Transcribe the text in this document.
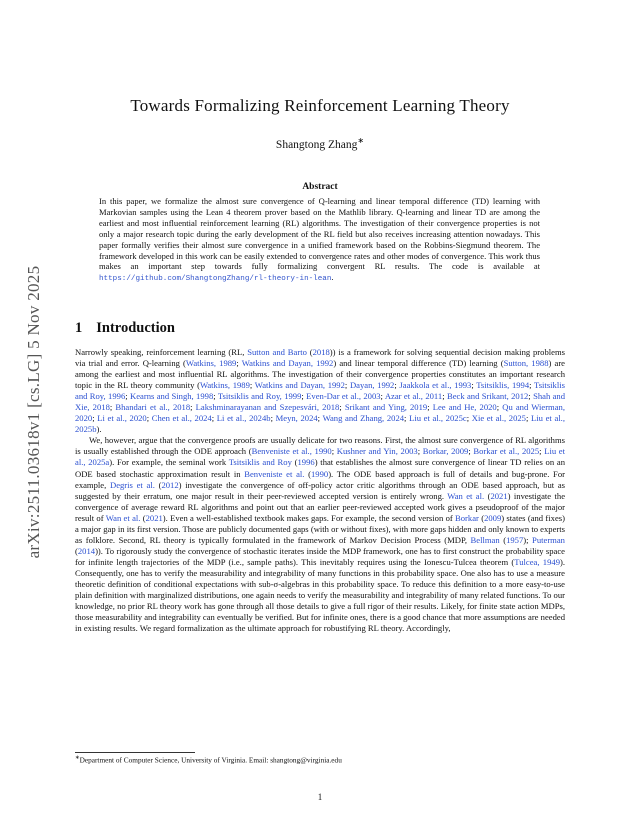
arXiv:2511.03618v1 [cs.LG] 5 Nov 2025
Towards Formalizing Reinforcement Learning Theory
Shangtong Zhang∗
Abstract
In this paper, we formalize the almost sure convergence of Q-learning and linear temporal difference (TD) learning with Markovian samples using the Lean 4 theorem prover based on the Mathlib library. Q-learning and linear TD are among the earliest and most influential reinforcement learning (RL) algorithms. The investigation of their convergence properties is not only a major research topic during the early development of the RL field but also receives increasing attention nowadays. This paper formally verifies their almost sure convergence in a unified framework based on the Robbins-Siegmund theorem. The framework developed in this work can be easily extended to convergence rates and other modes of convergence. This work thus makes an important step towards fully formalizing convergent RL results. The code is available at https://github.com/ShangtongZhang/rl-theory-in-lean.
1 Introduction

Narrowly speaking, reinforcement learning (RL, Sutton and Barto (2018)) is a framework for solving sequential decision making problems via trial and error. Q-learning (Watkins, 1989; Watkins and Dayan, 1992) and linear temporal difference (TD) learning (Sutton, 1988) are among the earliest and most influential RL algorithms. The investigation of their convergence properties constitutes an important research topic in the RL theory community (Watkins, 1989; Watkins and Dayan, 1992; Dayan, 1992; Jaakkola et al., 1993; Tsitsiklis, 1994; Tsitsiklis and Roy, 1996; Kearns and Singh, 1998; Tsitsiklis and Roy, 1999; Even-Dar et al., 2003; Azar et al., 2011; Beck and Srikant, 2012; Shah and Xie, 2018; Bhandari et al., 2018; Lakshminarayanan and Szepesvári, 2018; Srikant and Ying, 2019; Lee and He, 2020; Qu and Wierman, 2020; Li et al., 2020; Chen et al., 2024; Li et al., 2024b; Meyn, 2024; Wang and Zhang, 2024; Liu et al., 2025c; Xie et al., 2025; Liu et al., 2025b).

We, however, argue that the convergence proofs are usually delicate for two reasons. First, the almost sure convergence of RL algorithms is usually established through the ODE approach (Benveniste et al., 1990; Kushner and Yin, 2003; Borkar, 2009; Borkar et al., 2025; Liu et al., 2025a). For example, the seminal work Tsitsiklis and Roy (1996) that establishes the almost sure convergence of linear TD relies on an ODE based stochastic approximation result in Benveniste et al. (1990). The ODE based approach is full of details and bug-prone. For example, Degris et al. (2012) investigate the convergence of off-policy actor critic algorithms through an ODE based approach, but as suggested by their erratum, one major result in their peer-reviewed accepted version is entirely wrong. Wan et al. (2021) investigate the convergence of average reward RL algorithms and point out that an earlier peer-reviewed accepted work gives a pseudoproof of the major result of Wan et al. (2021). Even a well-established textbook makes gaps. For example, the second version of Borkar (2009) states (and fixes) a major gap in its first version. Those are publicly documented gaps (with or without fixes), with more gaps hidden and only known to experts as folklore. Second, RL theory is typically formulated in the framework of Markov Decision Process (MDP, Bellman (1957); Puterman (2014)). To rigorously study the convergence of stochastic iterates inside the MDP framework, one has to first construct the probability space for infinite length trajectories of the MDP (i.e., sample paths). This inevitably requires using the Ionescu-Tulcea theorem (Tulcea, 1949). Consequently, one has to verify the measurability and integrability of many functions in this probability space. One also has to use a measure theoretic definition of conditional expectations with sub-σ-algebras in this probability space. To reduce this definition to a more easy-to-use plain definition with marginalized distributions, one again needs to verify the measurability and integrability of many related functions. To our knowledge, no prior RL theory work has gone through all those details to give a full rigor of their results. Likely, for finite state action MDPs, those measurability and integrability can eventually be verified. But for infinite ones, there is a good chance that more assumptions are needed in existing results. We regard formalization as the ultimate approach for robustifying RL theory. Accordingly,

∗Department of Computer Science, University of Virginia. Email: shangtong@virginia.edu
1
